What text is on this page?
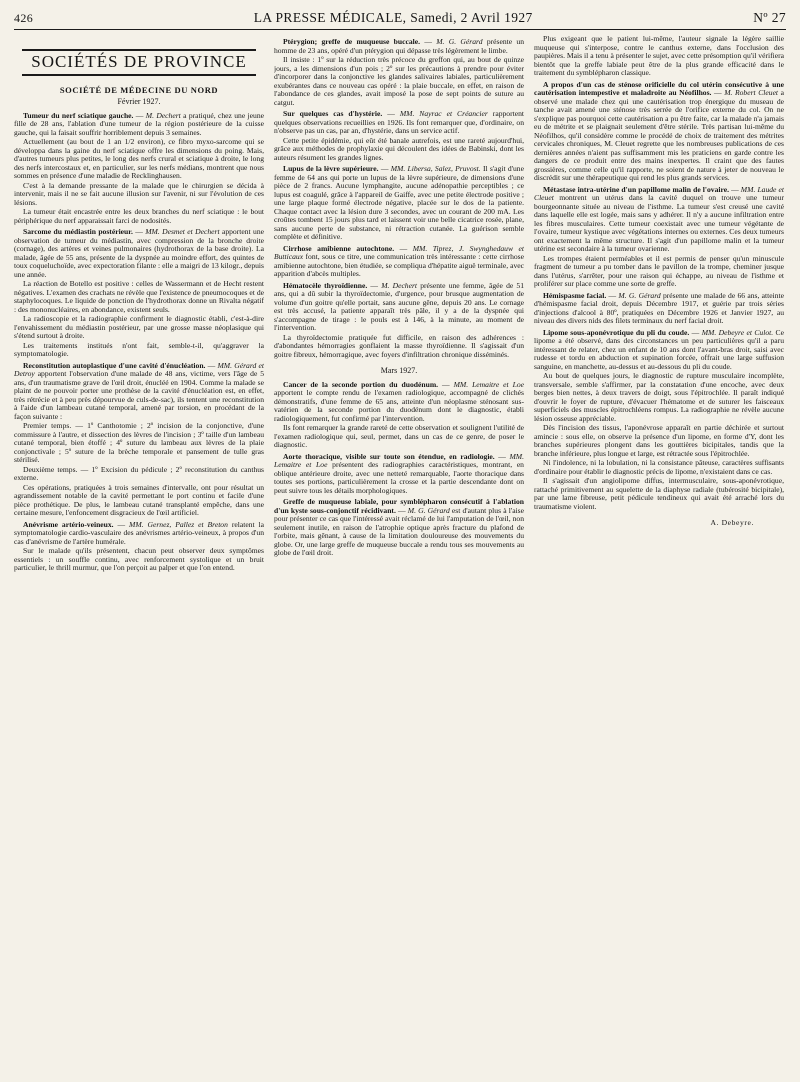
426	LA PRESSE MÉDICALE, Samedi, 2 Avril 1927	Nº 27
SOCIÉTÉS DE PROVINCE
SOCIÉTÉ DE MÉDECINE DU NORD
Février 1927.

Tumeur du nerf sciatique gauche. — M. Dechert a pratiqué, chez une jeune fille de 28 ans, l'ablation d'une tumeur de la région postérieure de la cuisse gauche, qui la faisait souffrir horriblement depuis 3 semaines.

Actuellement (au bout de 1 an 1/2 environ), ce fibro myxo-sarcome qui se développa dans la gaine du nerf sciatique offre les dimensions du poing. Mais, d'autres tumeurs plus petites, le long des nerfs crural et sciatique à droite, le long des nerfs intercostaux et, en particulier, sur les nerfs médians, montrent que nous sommes en présence d'une maladie de Recklinghausen.

C'est à la demande pressante de la malade que le chirurgien se décida à intervenir, mais il ne se fait aucune illusion sur l'avenir, ni sur l'évolution de ces lésions.

La tumeur était encastrée entre les deux branches du nerf sciatique : le bout périphérique du nerf apparaissait farci de nodosités.

Sarcome du médiastin postérieur. — MM. Desmet et Dechert apportent une observation de tumeur du médiastin, avec compression de la bronche droite (cornage), des artères et veines pulmonaires (hydrothorax de la base droite). La malade, âgée de 55 ans, présente de la dyspnée au moindre effort, des quintes de toux coqueluchoïde, avec expectoration filante : elle a maigri de 13 kilogr., depuis une année.

La réaction de Botello est positive : celles de Wassermann et de Hecht restent négatives. L'examen des crachats ne révèle que l'existence de pneumocoques et de staphylocoques. Le liquide de ponction de l'hydrothorax donne un Rivalta négatif : des mononucléaires, en abondance, existent seuls.

La radioscopie et la radiographie confirment le diagnostic établi, c'est-à-dire l'envahissement du médiastin postérieur, par une grosse masse néoplasique qui s'étend surtout à droite.

Les traitements institués n'ont fait, semble-t-il, qu'aggraver la symptomatologie.

Reconstitution autoplastique d'une cavité d'énucléation. — MM. Gérard et Detroy apportent l'observation d'une malade de 48 ans, victime, vers l'âge de 5 ans, d'un traumatisme grave de l'œil droit, énucléé en 1904. Comme la malade se plaint de ne pouvoir porter une prothèse de la cavité d'énucléation est, en effet, très rétrécie et à peu près dépourvue de culs-de-sac), ils tentent une reconstitution à l'aide d'un lambeau cutané temporal, amené par torsion, en procédant de la façon suivante :

Premier temps. — 1º Canthotomie ; 2º incision de la conjonctive, d'une commissure à l'autre, et dissection des lèvres de l'incision ; 3º taille d'un lambeau cutané temporal, bien étoffé ; 4º suture du lambeau aux lèvres de la plaie conjonctivale ; 5º suture de la brèche temporale et pansement de tulle gras stérilisé.

Deuxième temps. — 1º Excision du pédicule ; 2º reconstitution du canthus externe.

Ces opérations, pratiquées à trois semaines d'intervalle, ont pour résultat un agrandissement notable de la cavité permettant le port continu et facile d'une pièce prothétique. De plus, le lambeau cutané transplanté empêche, dans une certaine mesure, l'enfoncement disgracieux de l'œil artificiel.

Anévrisme artério-veineux. — MM. Gernez, Pallez et Breton relatent la symptomatologie cardio-vasculaire des anévrismes artério-veineux, à propos d'un cas d'anévrisme de l'artère humérale.

Sur le malade qu'ils présentent, chacun peut observer deux symptômes essentiels : un souffle continu, avec renforcement systolique et un bruit particulier, le thrill murmur, que l'on perçoit au palper et que l'on entend.

Ptérygion; greffe de muqueuse buccale. — M. G. Gérard présente un homme de 23 ans, opéré d'un ptérygion qui dépasse très légèrement le limbe.

Il insiste : 1º sur la réduction très précoce du greffon qui, au bout de quinze jours, a les dimensions d'un pois ; 2º sur les précautions à prendre pour éviter d'incorporer dans la conjonctive les glandes salivaires labiales, particulièrement exubérantes dans ce nouveau cas opéré : la plaie buccale, en effet, en raison de l'abondance de ces glandes, avait imposé la pose de sept points de suture au catgut.

Sur quelques cas d'hystérie. — MM. Nayrac et Créancier rapportent quelques observations recueillies en 1926. Ils font remarquer que, d'ordinaire, on n'observe pas un cas, par an, d'hystérie, dans un service actif.

Cette petite épidémie, qui eût été banale autrefois, est une rareté aujourd'hui, grâce aux méthodes de prophylaxie qui découlent des idées de Babinski, dont les auteurs résument les grandes lignes.

Lupus de la lèvre supérieure. — MM. Libersa, Salez, Pruvost. Il s'agit d'une femme de 64 ans qui porte un lupus de la lèvre supérieure, de dimensions d'une pièce de 2 francs. Aucune lymphangite, aucune adénopathie perceptibles ; ce lupus est coagulé, grâce à l'appareil de Gaiffe, avec une petite électrode positive ; une large plaque formé électrode négative, placée sur le dos de la patiente. Chaque contact avec la lésion dure 3 secondes, avec un courant de 200 mA. Les croûtes tombent 15 jours plus tard et laissent voir une belle cicatrice rosée, plane, sans aucune perte de substance, ni rétraction cutanée. La guérison semble complète et définitive.

Cirrhose amibienne autochtone. — MM. Tiprez, J. Swynghedauw et Butticaux font, sous ce titre, une communication très intéressante : cette cirrhose amibienne autochtone, bien étudiée, se compliqua d'hépatite aiguë terminale, avec apparition d'abcès multiples.

Hématocèle thyroïdienne. — M. Dechert présente une femme, âgée de 51 ans, qui a dû subir la thyroïdectomie, d'urgence, pour brusque augmentation de volume d'un goitre qu'elle portait, sans aucune gêne, depuis 20 ans. Le cornage est très accusé, la patiente apparaît très pâle, il y a de la dyspnée qui s'accompagne de tirage : le pouls est à 146, à la minute, au moment de l'intervention.

La thyroïdectomie pratiquée fut difficile, en raison des adhérences : d'abondantes hémorragies gonflaient la masse thyroïdienne. Il s'agissait d'un goitre fibreux, hémorragique, avec foyers d'infiltration chronique disséminés.

Mars 1927.

Cancer de la seconde portion du duodénum. — MM. Lemaitre et Loe apportent le compte rendu de l'examen radiologique, accompagné de clichés démonstratifs, d'une femme de 65 ans, atteinte d'un néoplasme sténosant sus-vatérien de la seconde portion du duodénum dont le diagnostic, établi radiologiquement, fut confirmé par l'intervention.

Ils font remarquer la grande rareté de cette observation et soulignent l'utilité de l'examen radiologique qui, seul, permet, dans un cas de ce genre, de poser le diagnostic.

Aorte thoracique, visible sur toute son étendue, en radiologie. — MM. Lemaitre et Loe présentent des radiographies caractéristiques, montrant, en oblique antérieure droite, avec une netteté remarquable, l'aorte thoracique dans toutes ses portions, particulièrement la crosse et la partie descendante dont on peut suivre tous les détails morphologiques.

Greffe de muqueuse labiale, pour symblépharon consécutif à l'ablation d'un kyste sous-conjonctif récidivant. — M. G. Gérard est d'autant plus à l'aise pour présenter ce cas que l'intéressé avait réclamé de lui l'amputation de l'œil, non seulement inutile, en raison de l'atrophie optique après fracture du plafond de l'orbite, mais gênant, à cause de la limitation douloureuse des mouvements du globe. Or, une large greffe de muqueuse buccale a rendu tous ses mouvements au globe de l'œil droit.

Plus exigeant que le patient lui-même, l'auteur signale la légère saillie muqueuse qui s'interpose, contre le canthus externe, dans l'occlusion des paupières. Mais il a tenu à présenter le sujet, avec cette présomption qu'il vérifiera bientôt que la greffe labiale peut être de la plus grande efficacité dans le traitement du symblépharon classique.

A propos d'un cas de sténose orificielle du col utérin consécutive à une cautérisation intempestive et maladroite au Néofilhos. — M. Robert Cleuet a observé une malade chez qui une cautérisation trop énergique du museau de tanche avait amené une sténose très serrée de l'orifice externe du col. On ne s'explique pas pourquoi cette cautérisation a pu être faite, car la malade n'a jamais eu de métrite et se plaignait seulement d'être stérile. Très partisan lui-même du Néofilhos, qu'il considère comme le procédé de choix de traitement des métrites cervicales chroniques, M. Cleuet regrette que les nombreuses publications de ces dernières années n'aient pas suffisamment mis les praticiens en garde contre les dangers de ce produit entre des mains inexpertes. Il craint que des fautes grossières, comme celle qu'il rapporte, ne soient de nature à jeter de nouveau le discrédit sur une thérapeutique qui rend les plus grands services.

Métastase intra-utérine d'un papillome malin de l'ovaire. — MM. Laude et Cleuet montrent un utérus dans la cavité duquel on trouve une tumeur bourgeonnante située au niveau de l'isthme. La tumeur s'est creusé une cavité dans laquelle elle est logée, mais sans y adhérer. Il n'y a aucune infiltration entre les fibres musculaires. Cette tumeur coexistait avec une tumeur végétante de l'ovaire, tumeur kystique avec végétations internes ou externes. Ces deux tumeurs ont exactement la même structure. Il s'agit d'un papillome malin et la tumeur utérine est secondaire à la tumeur ovarienne.

Les trompes étaient perméables et il est permis de penser qu'un minuscule fragment de tumeur a pu tomber dans le pavillon de la trompe, cheminer jusque dans l'utérus, s'arrêter, pour une raison qui échappe, au niveau de l'isthme et proliférer sur place comme une sorte de greffe.

Hémispasme facial. — M. G. Gérard présente une malade de 66 ans, atteinte d'hémispasme facial droit, depuis Décembre 1917, et guérie par trois séries d'injections d'alcool à 80º, pratiquées en Décembre 1926 et Janvier 1927, au niveau des divers nids des filets terminaux du nerf facial droit.

Lipome sous-aponévrotique du pli du coude. — MM. Debeyre et Culot. Ce lipome a été observé, dans des circonstances un peu particulières qu'il a paru intéressant de relater, chez un enfant de 10 ans dont l'avant-bras droit, saisi avec rudesse et tordu en abduction et supination forcée, offrait une large suffusion sanguine, en manchette, au-dessus et au-dessous du pli du coude.

Au bout de quelques jours, le diagnostic de rupture musculaire incomplète, transversale, semble s'affirmer, par la constatation d'une encoche, avec deux berges bien nettes, à deux travers de doigt, sous l'épitrochlée. Il paraît indiqué d'ouvrir le foyer de rupture, d'évacuer l'hématome et de suturer les faisceaux superficiels des muscles épitrochléens rompus. La radiographie ne révèle aucune lésion osseuse appréciable.

Dès l'incision des tissus, l'aponévrose apparaît en partie déchirée et surtout amincie : sous elle, on observe la présence d'un lipome, en forme d'Y, dont les branches supérieures plongent dans les gouttières bicipitales, tandis que la branche inférieure, plus longue et large, est rétractée sous l'épitrochlée.

Ni l'indolence, ni la lobulation, ni la consistance pâteuse, caractères suffisants d'ordinaire pour établir le diagnostic précis de lipome, n'existaient dans ce cas.

Il s'agissait d'un angiolipome diffus, intermusculaire, sous-aponévrotique, rattaché primitivement au squelette de la diaphyse radiale (tubérosité bicipitale), par une lame fibreuse, petit pédicule tendineux qui avait été arraché lors du traumatisme violent.

A. Debeyre.
